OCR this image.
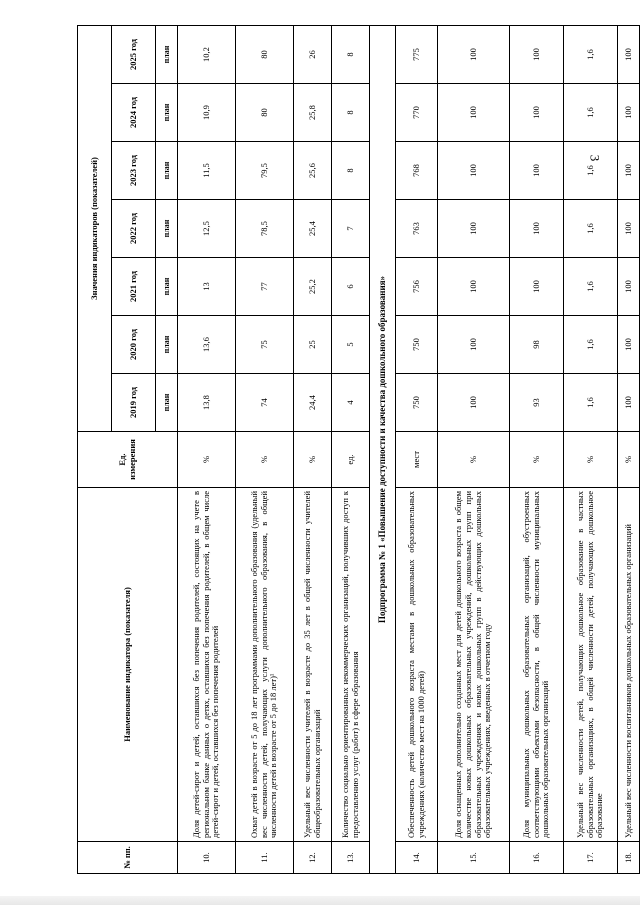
3
№ пп.	Наименование индикатора (показателя)	Ед. измерения	Значения индикаторов (показателей)						
			2019 год	2020 год	2021 год	2022 год	2023 год	2024 год	2025 год
			план	план	план	план	план	план	план
10.	Доля детей-сирот и детей, оставшихся без попечения родителей, состоящих на учете в региональном банке данных о детях, оставшихся без попечения родителей, в общем числе детей-сирот и детей, оставшихся без попечения родителей	%	13,8	13,6	13	12,5	11,5	10,9	10,2
11.	Охват детей в возрасте от 5 до 18 лет программами дополнительного образования (удельный вес численности детей, получающих услуги дополнительного образования, в общей численности детей в возрасте от 5 до 18 лет)¹	%	74	75	77	78,5	79,5	80	80
12.	Удельный вес численности учителей в возрасте до 35 лет в общей численности учителей общеобразовательных организаций	%	24,4	25	25,2	25,4	25,6	25,8	26
13.	Количество социально ориентированных некоммерческих организаций, получивших доступ к предоставлению услуг (работ) в сфере образования	ед.	4	5	6	7	8	8	8
Подпрограмма № 1 «Повышение доступности и качества дошкольного образования»									
14.	Обеспеченность детей дошкольного возраста местами в дошкольных образовательных учреждениях (количество мест на 1000 детей)	мест	750	750	756	763	768	770	775
15.	Доля оснащенных дополнительно созданных мест для детей дошкольного возраста в общем количестве новых дошкольных образовательных учреждений, дошкольных групп при образовательных учреждениях и новых дошкольных групп в действующих дошкольных образовательных учреждениях, введенных в отчетном году	%	100	100	100	100	100	100	100
16.	Доля муниципальных дошкольных образовательных организаций, обустроенных соответствующими объектами безопасности, в общей численности муниципальных дошкольных образовательных организаций	%	93	98	100	100	100	100	100
17.	Удельный вес численности детей, получающих дошкольное образование в частных образовательных организациях, в общей численности детей, получающих дошкольное образование	%	1,6	1,6	1,6	1,6	1,6	1,6	1,6
18.	Удельный вес численности воспитанников дошкольных образовательных организаций	%	100	100	100	100	100	100	100
